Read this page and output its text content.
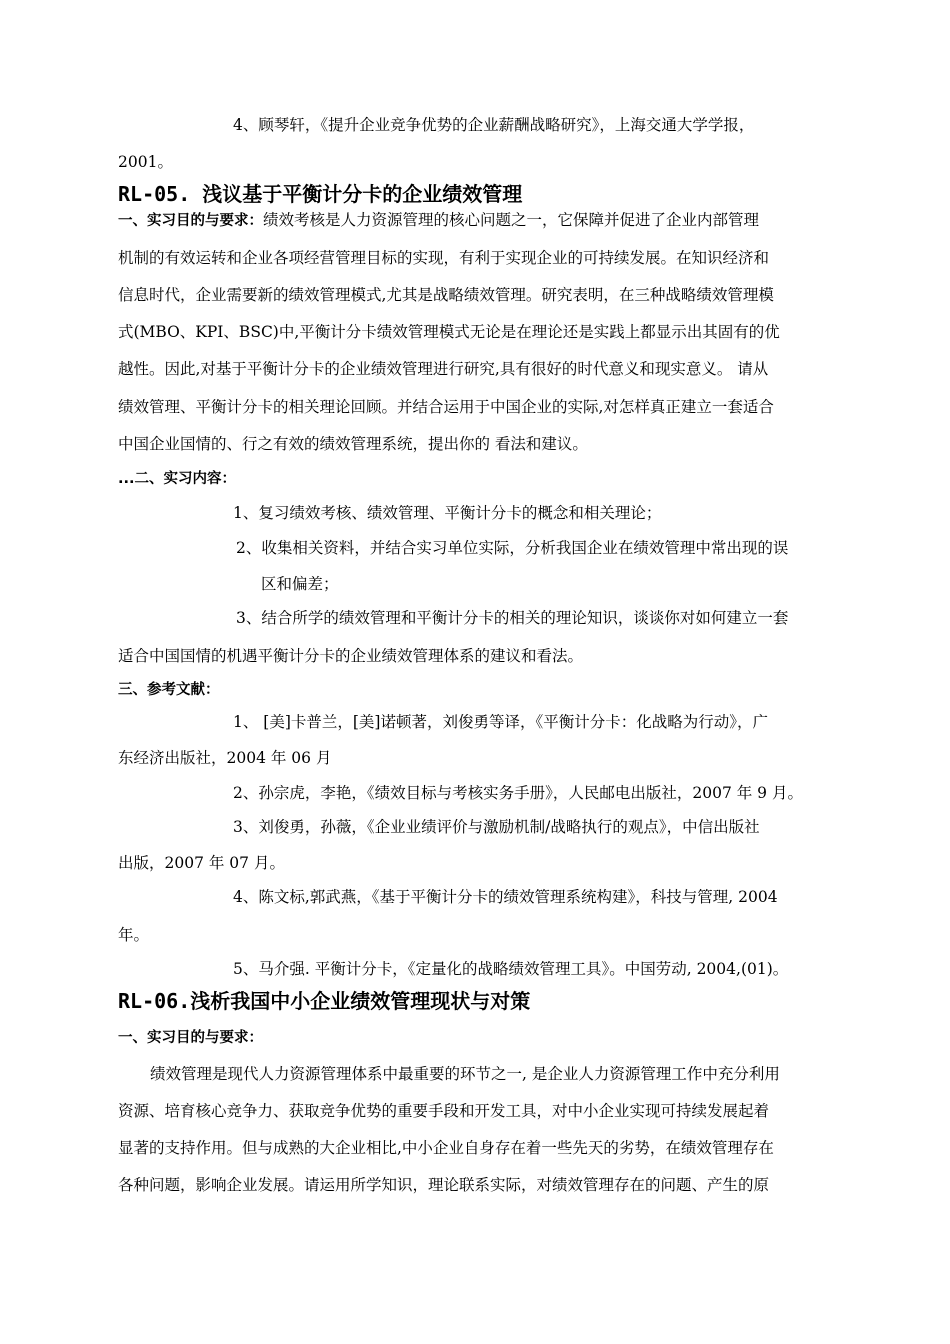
4、顾琴轩，《提升企业竞争优势的企业薪酬战略研究》，上海交通大学学报，
2001。
RL-05. 浅议基于平衡计分卡的企业绩效管理
一、实习目的与要求：绩效考核是人力资源管理的核心问题之一，它保障并促进了企业内部管理
机制的有效运转和企业各项经营管理目标的实现，有利于实现企业的可持续发展。在知识经济和
信息时代，企业需要新的绩效管理模式,尤其是战略绩效管理。研究表明，在三种战略绩效管理模
式(MBO、KPI、BSC)中,平衡计分卡绩效管理模式无论是在理论还是实践上都显示出其固有的优
越性。因此,对基于平衡计分卡的企业绩效管理进行研究,具有很好的时代意义和现实意义。 请从
绩效管理、平衡计分卡的相关理论回顾。并结合运用于中国企业的实际,对怎样真正建立一套适合
中国企业国情的、行之有效的绩效管理系统，提出你的 看法和建议。
...二、实习内容：
1、复习绩效考核、绩效管理、平衡计分卡的概念和相关理论；
2、收集相关资料，并结合实习单位实际，分析我国企业在绩效管理中常出现的误
区和偏差；
3、结合所学的绩效管理和平衡计分卡的相关的理论知识，谈谈你对如何建立一套
适合中国国情的机遇平衡计分卡的企业绩效管理体系的建议和看法。
三、参考文献：
1、 [美]卡普兰，[美]诺顿著，刘俊勇等译，《平衡计分卡：化战略为行动》，广
东经济出版社，2004 年 06 月
2、孙宗虎，李艳，《绩效目标与考核实务手册》，人民邮电出版社，2007 年 9 月。
3、刘俊勇，孙薇，《企业业绩评价与激励机制/战略执行的观点》，中信出版社
出版，2007 年 07 月。
4、陈文标,郭武燕，《基于平衡计分卡的绩效管理系统构建》，科技与管理, 2004
年。
5、马介强. 平衡计分卡，《定量化的战略绩效管理工具》。中国劳动, 2004,(01)。
RL-06.浅析我国中小企业绩效管理现状与对策
一、实习目的与要求：
绩效管理是现代人力资源管理体系中最重要的环节之一, 是企业人力资源管理工作中充分利用
资源、培育核心竞争力、获取竞争优势的重要手段和开发工具，对中小企业实现可持续发展起着
显著的支持作用。但与成熟的大企业相比,中小企业自身存在着一些先天的劣势，在绩效管理存在
各种问题，影响企业发展。请运用所学知识，理论联系实际，对绩效管理存在的问题、产生的原
